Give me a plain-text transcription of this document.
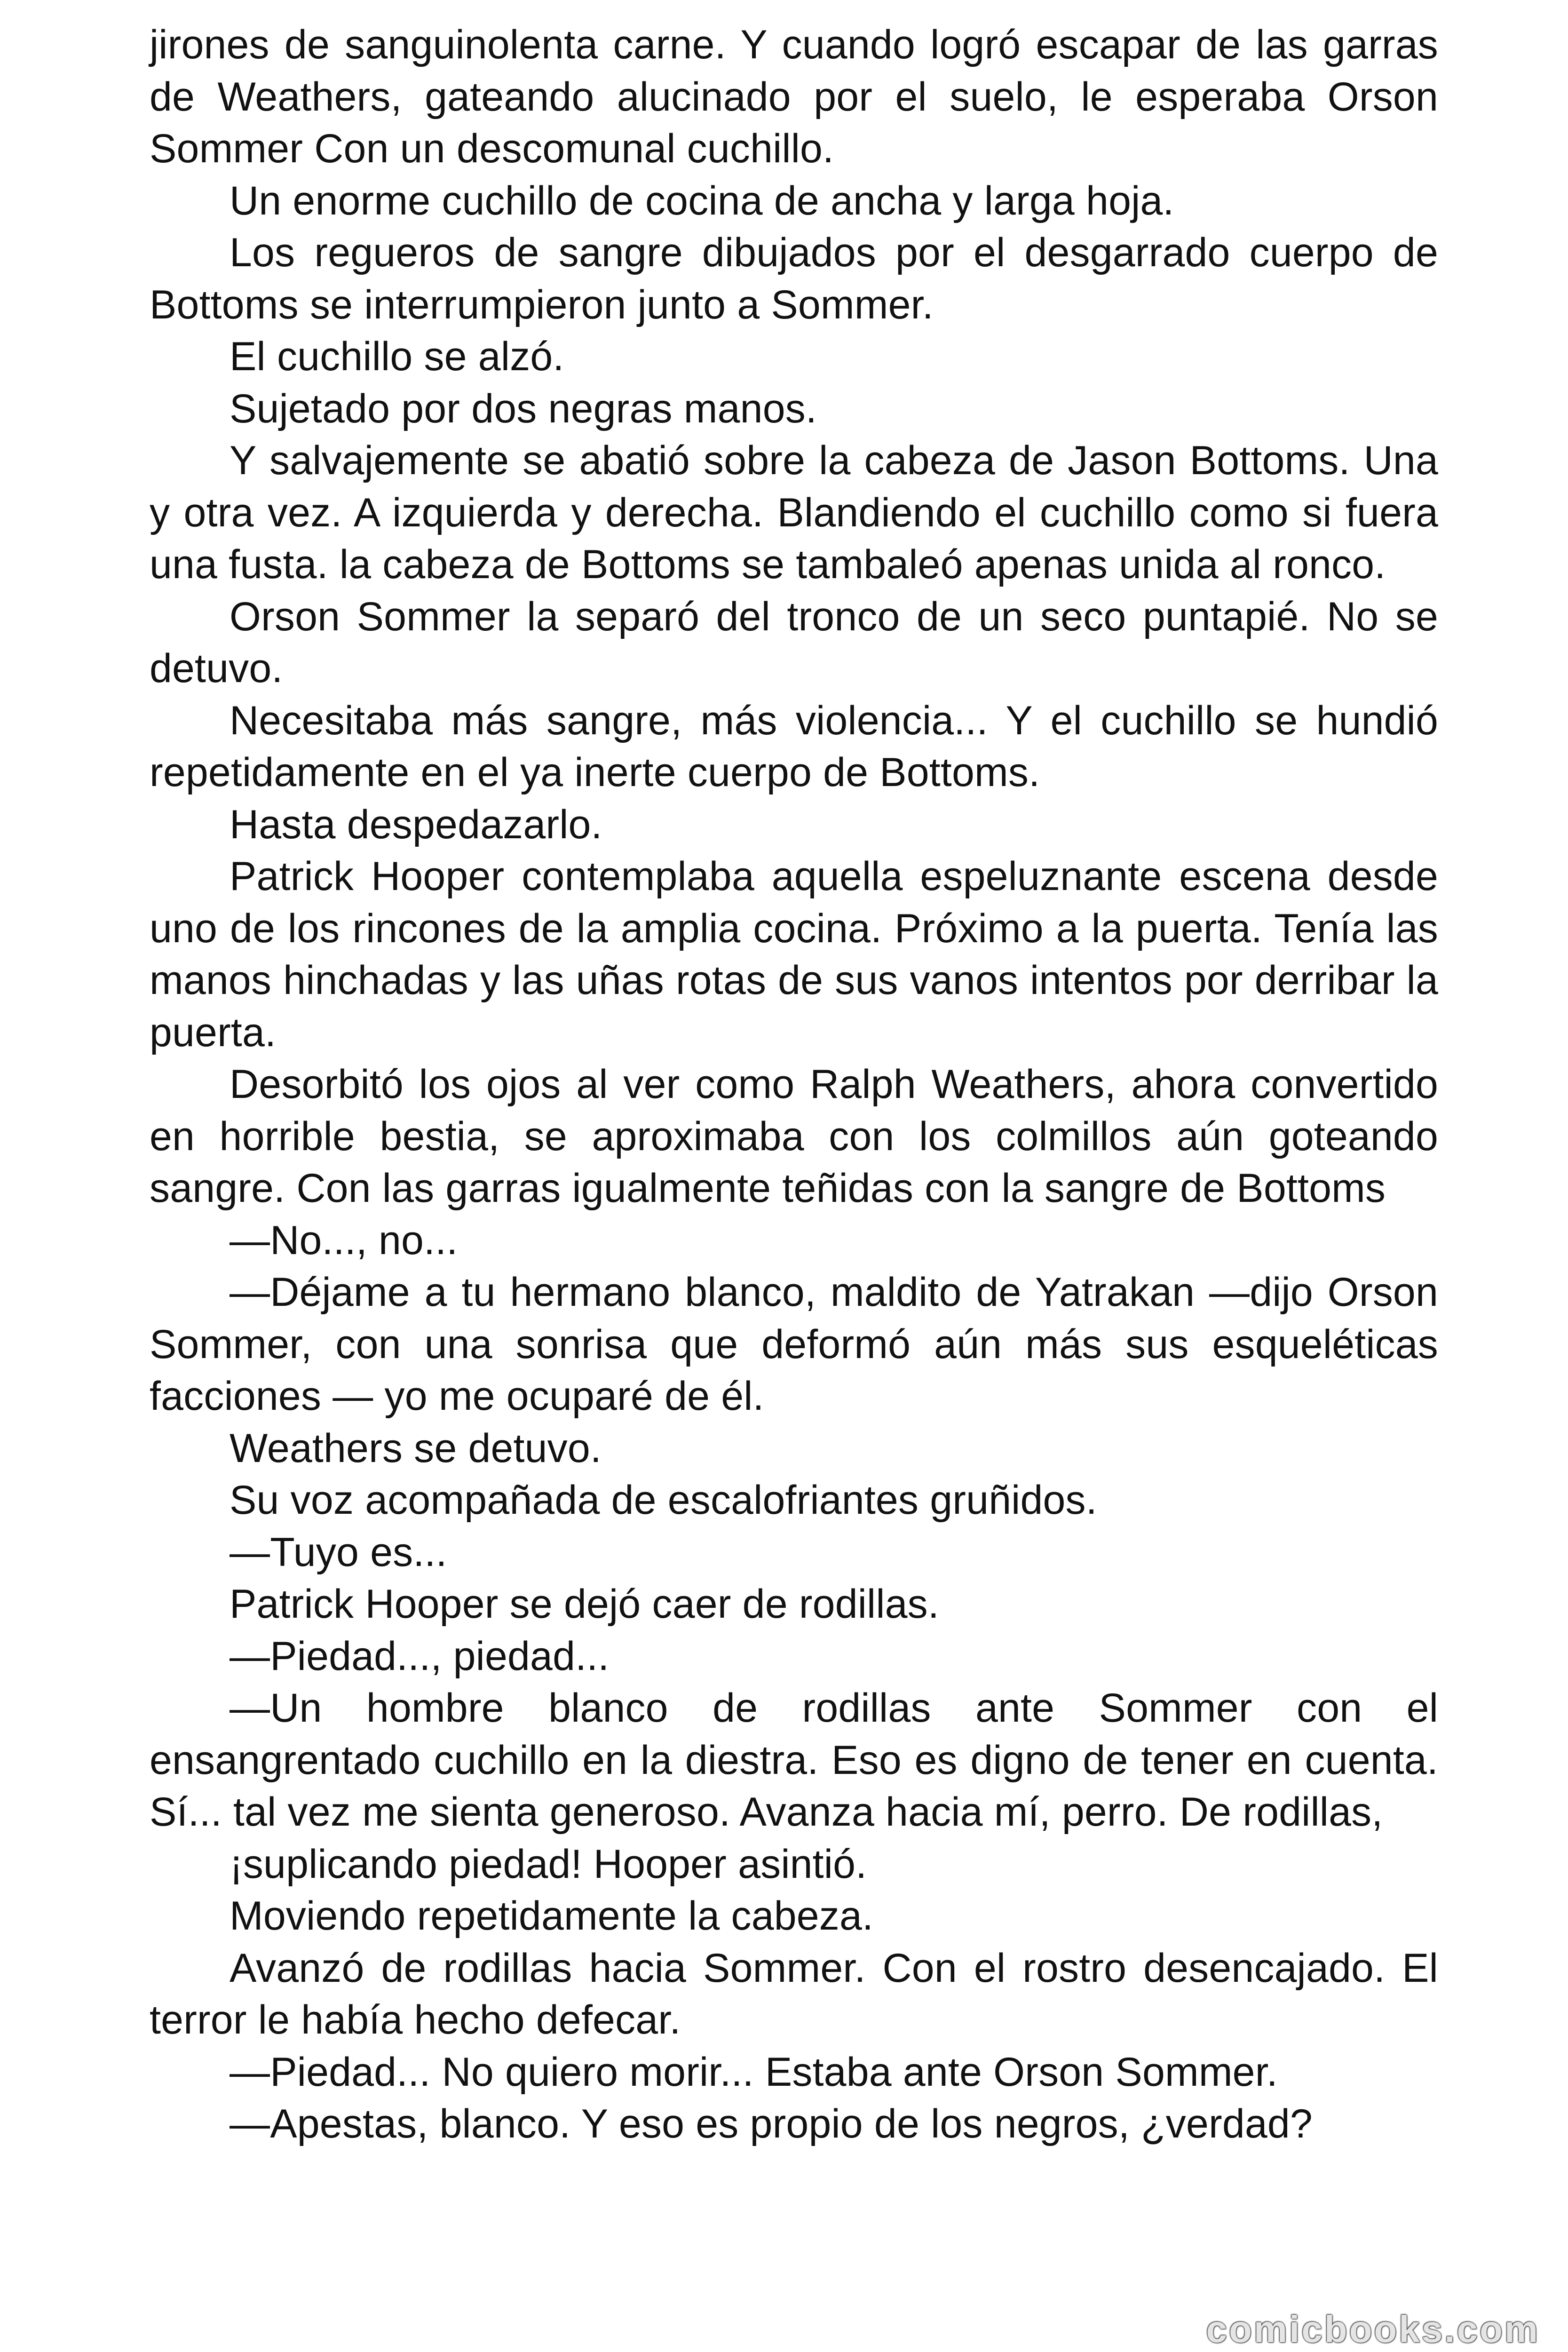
jirones de sanguinolenta carne. Y cuando logró escapar de las garras de Weathers, gateando alucinado por el suelo, le esperaba Orson Sommer Con un descomunal cuchillo.

Un enorme cuchillo de cocina de ancha y larga hoja.

Los regueros de sangre dibujados por el desgarrado cuerpo de Bottoms se interrumpieron junto a Sommer.

El cuchillo se alzó.

Sujetado por dos negras manos.

Y salvajemente se abatió sobre la cabeza de Jason Bottoms. Una y otra vez. A izquierda y derecha. Blandiendo el cuchillo como si fuera una fusta. la cabeza de Bottoms se tambaleó apenas unida al ronco.

Orson Sommer la separó del tronco de un seco puntapié. No se detuvo.

Necesitaba más sangre, más violencia... Y el cuchillo se hundió repetidamente en el ya inerte cuerpo de Bottoms.

Hasta despedazarlo.

Patrick Hooper contemplaba aquella espeluznante escena desde uno de los rincones de la amplia cocina. Próximo a la puerta. Tenía las manos hinchadas y las uñas rotas de sus vanos intentos por derribar la puerta.

Desorbitó los ojos al ver como Ralph Weathers, ahora convertido en horrible bestia, se aproximaba con los colmillos aún goteando sangre. Con las garras igualmente teñidas con la sangre de Bottoms

—No..., no...

—Déjame a tu hermano blanco, maldito de Yatrakan —dijo Orson Sommer, con una sonrisa que deformó aún más sus esqueléticas facciones — yo me ocuparé de él.

Weathers se detuvo.

Su voz acompañada de escalofriantes gruñidos.

—Tuyo es...

Patrick Hooper se dejó caer de rodillas.

—Piedad..., piedad...

—Un hombre blanco de rodillas ante Sommer con el ensangrentado cuchillo en la diestra. Eso es digno de tener en cuenta. Sí... tal vez me sienta generoso. Avanza hacia mí, perro. De rodillas,

¡suplicando piedad! Hooper asintió.

Moviendo repetidamente la cabeza.

Avanzó de rodillas hacia Sommer. Con el rostro desencajado. El terror le había hecho defecar.

—Piedad... No quiero morir... Estaba ante Orson Sommer.

—Apestas, blanco. Y eso es propio de los negros, ¿verdad?

comicbooks.com
